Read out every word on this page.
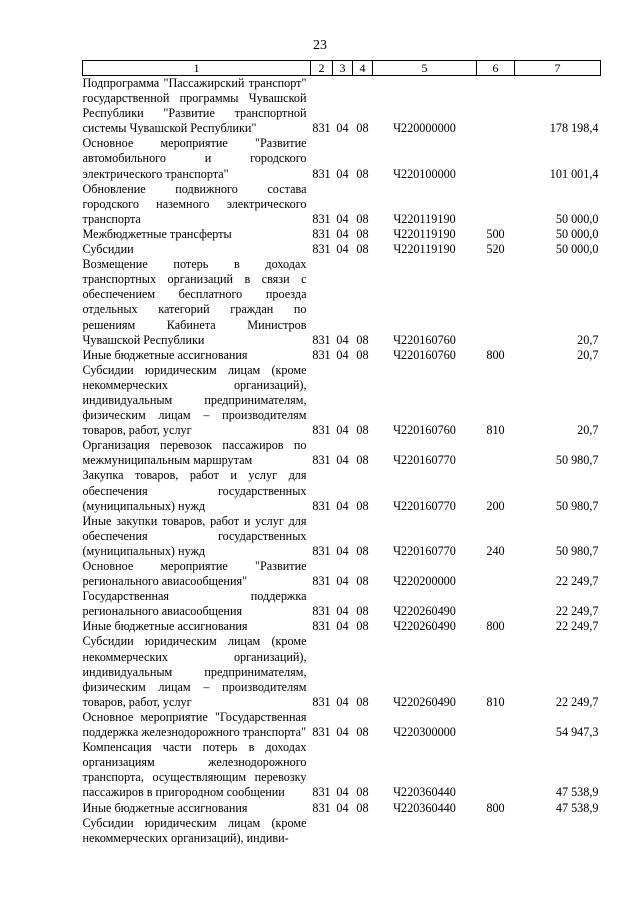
23
1	2	3	4	5	6	7
Подпрограмма "Пассажирский транспорт" государственной программы Чувашской Республики "Развитие транспортной системы Чувашской Республики"	831	04	08	Ч220000000		178 198,4
Основное мероприятие "Развитие автомобильного и городского электрического транспорта"	831	04	08	Ч220100000		101 001,4
Обновление подвижного состава городского наземного электрического транспорта	831	04	08	Ч220119190		50 000,0
Межбюджетные трансферты	831	04	08	Ч220119190	500	50 000,0
Субсидии	831	04	08	Ч220119190	520	50 000,0
Возмещение потерь в доходах транспортных организаций в связи с обеспечением бесплатного проезда отдельных категорий граждан по решениям Кабинета Министров Чувашской Республики	831	04	08	Ч220160760		20,7
Иные бюджетные ассигнования	831	04	08	Ч220160760	800	20,7
Субсидии юридическим лицам (кроме некоммерческих организаций), индивидуальным предпринимателям, физическим лицам – производителям товаров, работ, услуг	831	04	08	Ч220160760	810	20,7
Организация перевозок пассажиров по межмуниципальным маршрутам	831	04	08	Ч220160770		50 980,7
Закупка товаров, работ и услуг для обеспечения государственных (муниципальных) нужд	831	04	08	Ч220160770	200	50 980,7
Иные закупки товаров, работ и услуг для обеспечения государственных (муниципальных) нужд	831	04	08	Ч220160770	240	50 980,7
Основное мероприятие "Развитие регионального авиасообщения"	831	04	08	Ч220200000		22 249,7
Государственная поддержка регионального авиасообщения	831	04	08	Ч220260490		22 249,7
Иные бюджетные ассигнования	831	04	08	Ч220260490	800	22 249,7
Субсидии юридическим лицам (кроме некоммерческих организаций), индивидуальным предпринимателям, физическим лицам – производителям товаров, работ, услуг	831	04	08	Ч220260490	810	22 249,7
Основное мероприятие "Государственная поддержка железнодорожного транспорта"	831	04	08	Ч220300000		54 947,3
Компенсация части потерь в доходах организациям железнодорожного транспорта, осуществляющим перевозку пассажиров в пригородном сообщении	831	04	08	Ч220360440		47 538,9
Иные бюджетные ассигнования	831	04	08	Ч220360440	800	47 538,9
Субсидии юридическим лицам (кроме некоммерческих организаций), индиви-						
